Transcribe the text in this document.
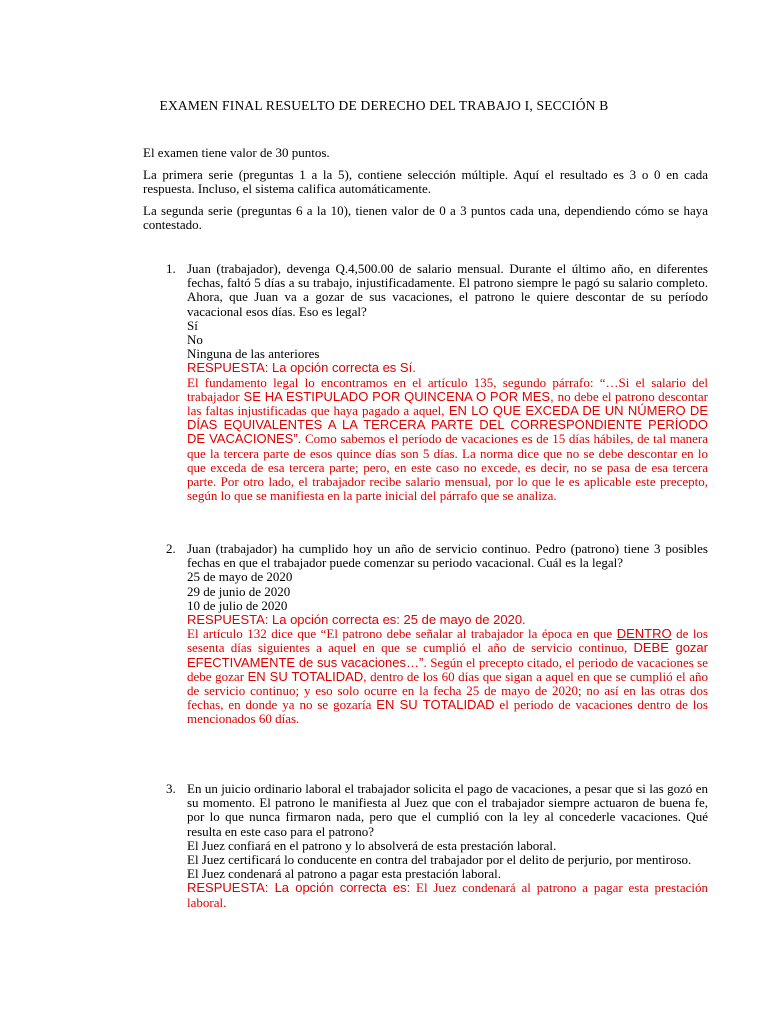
EXAMEN FINAL RESUELTO DE DERECHO DEL TRABAJO I, SECCIÓN B

El examen tiene valor de 30 puntos.

La primera serie (preguntas 1 a la 5), contiene selección múltiple. Aquí el resultado es 3 o 0 en cada respuesta. Incluso, el sistema califica automáticamente.

La segunda serie (preguntas 6 a la 10), tienen valor de 0 a 3 puntos cada una, dependiendo cómo se haya contestado.

1. Juan (trabajador), devenga Q.4,500.00 de salario mensual. Durante el último año, en diferentes fechas, faltó 5 días a su trabajo, injustificadamente. El patrono siempre le pagó su salario completo. Ahora, que Juan va a gozar de sus vacaciones, el patrono le quiere descontar de su período vacacional esos días. Eso es legal?
Sí
No
Ninguna de las anteriores
RESPUESTA: La opción correcta es Sí.
El fundamento legal lo encontramos en el artículo 135, segundo párrafo: “…Si el salario del trabajador SE HA ESTIPULADO POR QUINCENA O POR MES, no debe el patrono descontar las faltas injustificadas que haya pagado a aquel, EN LO QUE EXCEDA DE UN NÚMERO DE DÍAS EQUIVALENTES A LA TERCERA PARTE DEL CORRESPONDIENTE PERÍODO DE VACACIONES”. Como sabemos el período de vacaciones es de 15 días hábiles, de tal manera que la tercera parte de esos quince días son 5 días. La norma dice que no se debe descontar en lo que exceda de esa tercera parte; pero, en este caso no excede, es decir, no se pasa de esa tercera parte. Por otro lado, el trabajador recibe salario mensual, por lo que le es aplicable este precepto, según lo que se manifiesta en la parte inicial del párrafo que se analiza.
2. Juan (trabajador) ha cumplido hoy un año de servicio continuo. Pedro (patrono) tiene 3 posibles fechas en que el trabajador puede comenzar su periodo vacacional. Cuál es la legal?
25 de mayo de 2020
29 de junio de 2020
10 de julio de 2020
RESPUESTA: La opción correcta es: 25 de mayo de 2020.
El artículo 132 dice que “El patrono debe señalar al trabajador la época en que DENTRO de los sesenta días siguientes a aquel en que se cumplió el año de servicio continuo, DEBE gozar EFECTIVAMENTE de sus vacaciones…”. Según el precepto citado, el periodo de vacaciones se debe gozar EN SU TOTALIDAD, dentro de los 60 días que sigan a aquel en que se cumplió el año de servicio continuo; y eso solo ocurre en la fecha 25 de mayo de 2020; no así en las otras dos fechas, en donde ya no se gozaría EN SU TOTALIDAD el periodo de vacaciones dentro de los mencionados 60 días.
3. En un juicio ordinario laboral el trabajador solicita el pago de vacaciones, a pesar que si las gozó en su momento. El patrono le manifiesta al Juez que con el trabajador siempre actuaron de buena fe, por lo que nunca firmaron nada, pero que el cumplió con la ley al concederle vacaciones. Qué resulta en este caso para el patrono?
El Juez confiará en el patrono y lo absolverá de esta prestación laboral.
El Juez certificará lo conducente en contra del trabajador por el delito de perjurio, por mentiroso.
El Juez condenará al patrono a pagar esta prestación laboral.
RESPUESTA: La opción correcta es: El Juez condenará al patrono a pagar esta prestación laboral.
